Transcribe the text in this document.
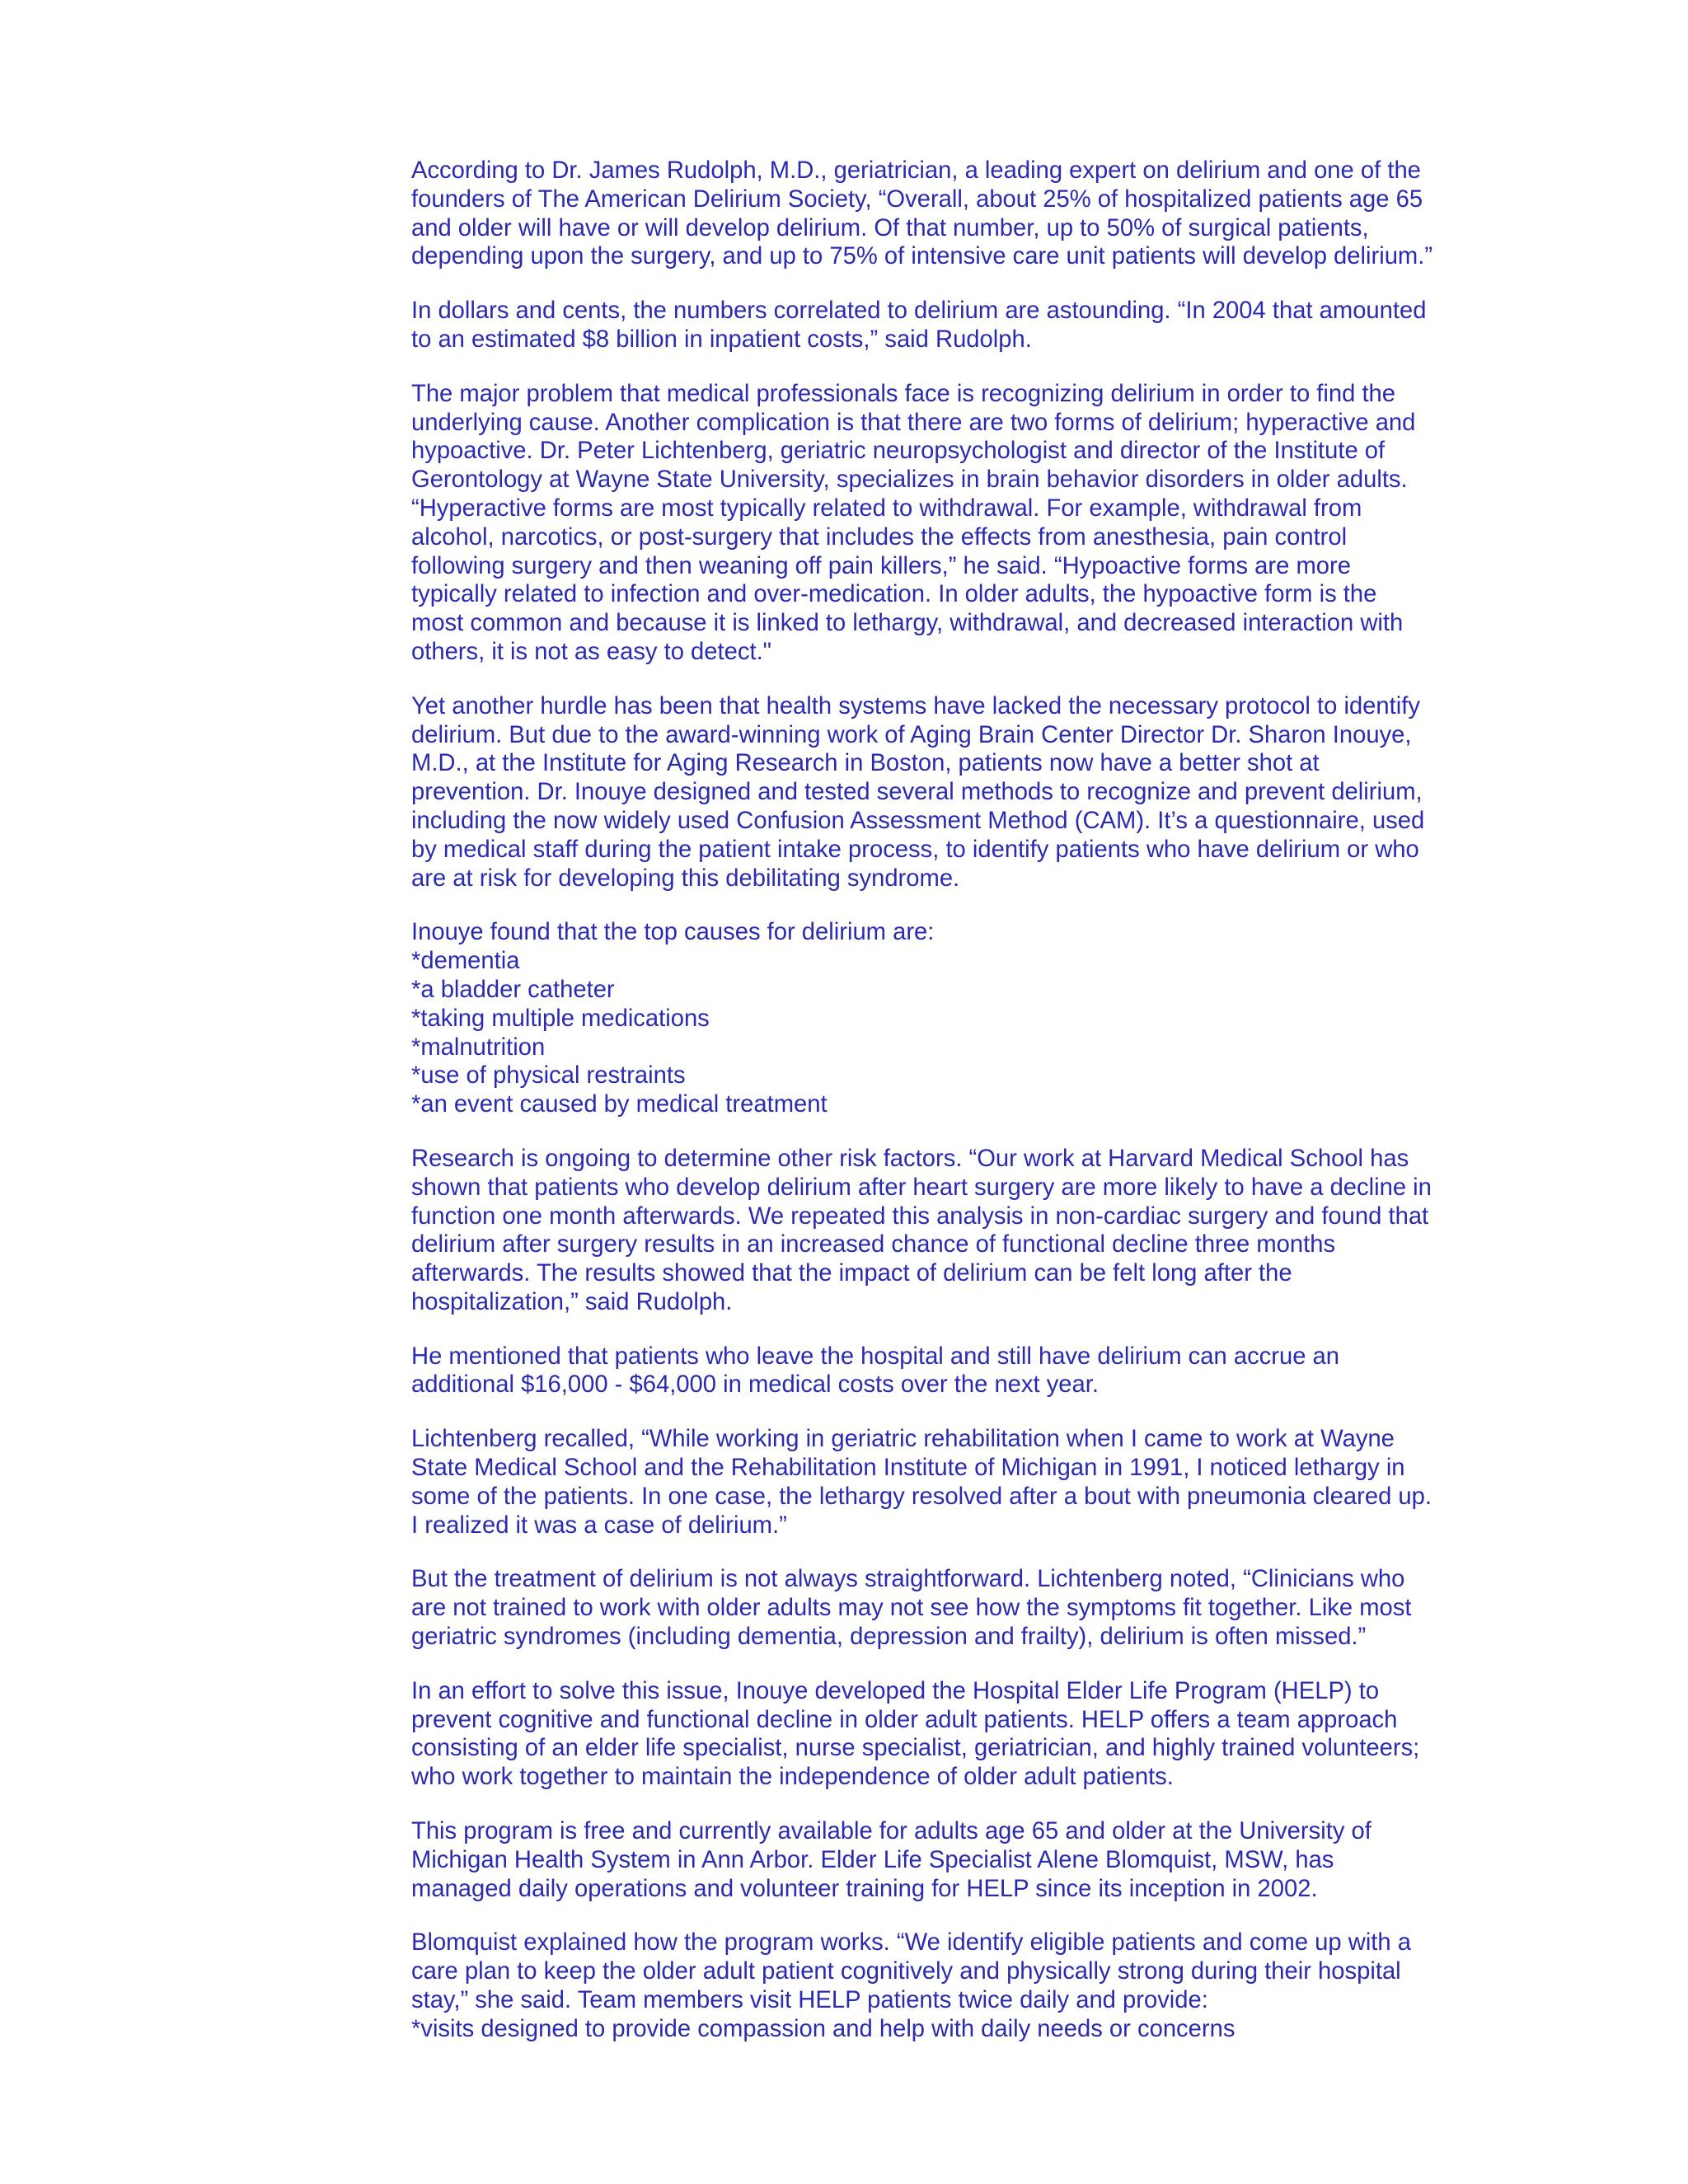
According to Dr. James Rudolph, M.D., geriatrician, a leading expert on delirium and one of the
founders of The American Delirium Society, “Overall, about 25% of hospitalized patients age 65
and older will have or will develop delirium. Of that number, up to 50% of surgical patients,
depending upon the surgery, and up to 75% of intensive care unit patients will develop delirium.”

In dollars and cents, the numbers correlated to delirium are astounding. “In 2004 that amounted
to an estimated $8 billion in inpatient costs,” said Rudolph.

The major problem that medical professionals face is recognizing delirium in order to find the
underlying cause. Another complication is that there are two forms of delirium; hyperactive and
hypoactive. Dr. Peter Lichtenberg, geriatric neuropsychologist and director of the Institute of
Gerontology at Wayne State University, specializes in brain behavior disorders in older adults.
“Hyperactive forms are most typically related to withdrawal. For example, withdrawal from
alcohol, narcotics, or post-surgery that includes the effects from anesthesia, pain control
following surgery and then weaning off pain killers,” he said. “Hypoactive forms are more
typically related to infection and over-medication. In older adults, the hypoactive form is the
most common and because it is linked to lethargy, withdrawal, and decreased interaction with
others, it is not as easy to detect."

Yet another hurdle has been that health systems have lacked the necessary protocol to identify
delirium. But due to the award-winning work of Aging Brain Center Director Dr. Sharon Inouye,
M.D., at the Institute for Aging Research in Boston, patients now have a better shot at
prevention. Dr. Inouye designed and tested several methods to recognize and prevent delirium,
including the now widely used Confusion Assessment Method (CAM). It’s a questionnaire, used
by medical staff during the patient intake process, to identify patients who have delirium or who
are at risk for developing this debilitating syndrome.

Inouye found that the top causes for delirium are:
*dementia
*a bladder catheter
*taking multiple medications
*malnutrition
*use of physical restraints
*an event caused by medical treatment

Research is ongoing to determine other risk factors. “Our work at Harvard Medical School has
shown that patients who develop delirium after heart surgery are more likely to have a decline in
function one month afterwards. We repeated this analysis in non-cardiac surgery and found that
delirium after surgery results in an increased chance of functional decline three months
afterwards. The results showed that the impact of delirium can be felt long after the
hospitalization,” said Rudolph.

He mentioned that patients who leave the hospital and still have delirium can accrue an
additional $16,000 - $64,000 in medical costs over the next year.

Lichtenberg recalled, “While working in geriatric rehabilitation when I came to work at Wayne
State Medical School and the Rehabilitation Institute of Michigan in 1991, I noticed lethargy in
some of the patients. In one case, the lethargy resolved after a bout with pneumonia cleared up.
I realized it was a case of delirium.”

But the treatment of delirium is not always straightforward. Lichtenberg noted, “Clinicians who
are not trained to work with older adults may not see how the symptoms fit together. Like most
geriatric syndromes (including dementia, depression and frailty), delirium is often missed.”

In an effort to solve this issue, Inouye developed the Hospital Elder Life Program (HELP) to
prevent cognitive and functional decline in older adult patients. HELP offers a team approach
consisting of an elder life specialist, nurse specialist, geriatrician, and highly trained volunteers;
who work together to maintain the independence of older adult patients.

This program is free and currently available for adults age 65 and older at the University of
Michigan Health System in Ann Arbor. Elder Life Specialist Alene Blomquist, MSW, has
managed daily operations and volunteer training for HELP since its inception in 2002.

Blomquist explained how the program works. “We identify eligible patients and come up with a
care plan to keep the older adult patient cognitively and physically strong during their hospital
stay,” she said. Team members visit HELP patients twice daily and provide:
*visits designed to provide compassion and help with daily needs or concerns
